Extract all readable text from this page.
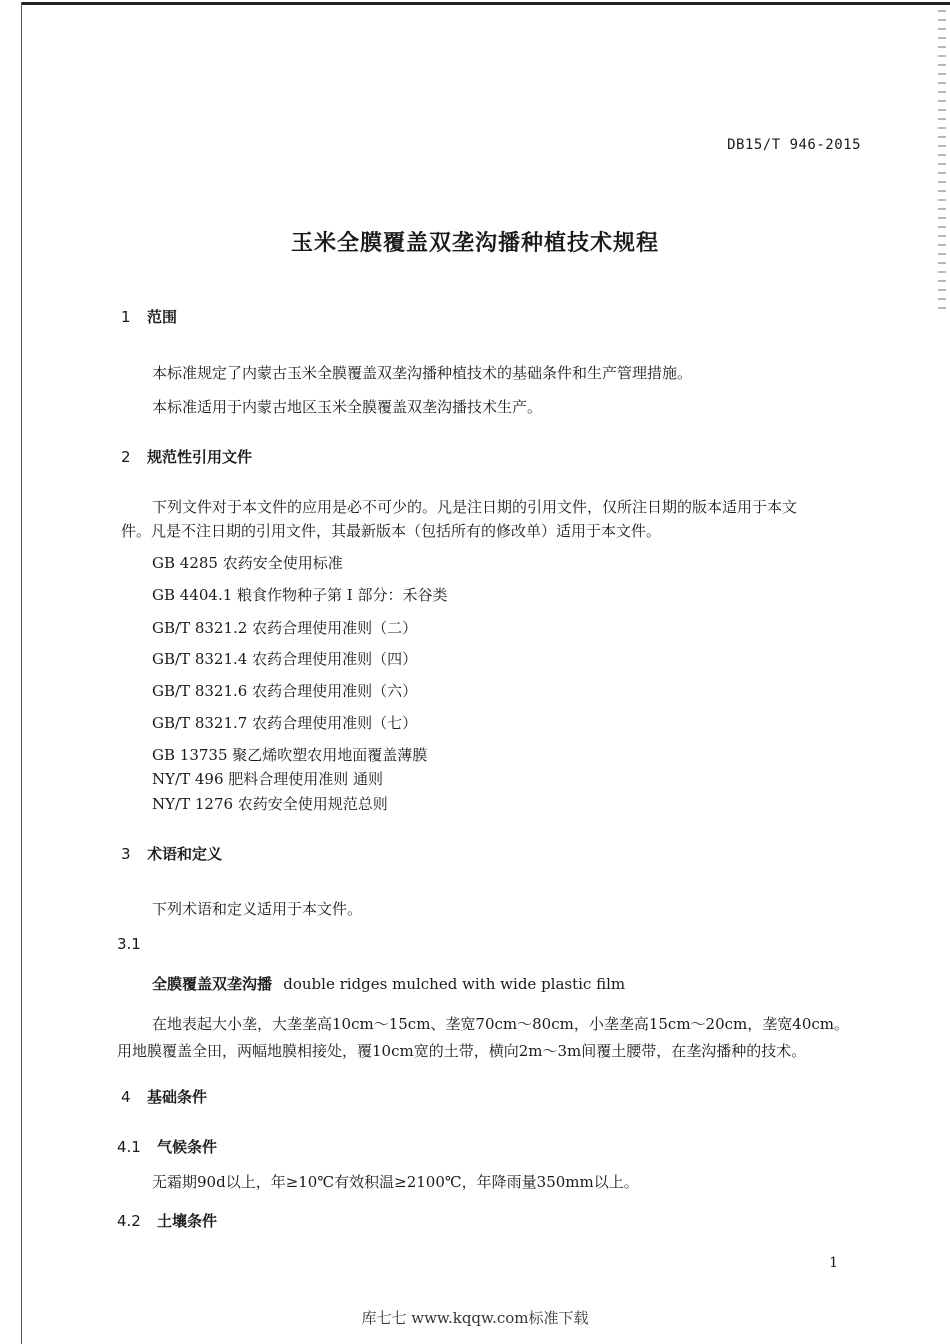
DB15/T 946-2015
玉米全膜覆盖双垄沟播种植技术规程
1 范围
本标准规定了内蒙古玉米全膜覆盖双垄沟播种植技术的基础条件和生产管理措施。
本标准适用于内蒙古地区玉米全膜覆盖双垄沟播技术生产。
2 规范性引用文件
下列文件对于本文件的应用是必不可少的。凡是注日期的引用文件，仅所注日期的版本适用于本文
件。凡是不注日期的引用文件，其最新版本（包括所有的修改单）适用于本文件。
GB 4285 农药安全使用标准
GB 4404.1 粮食作物种子第 I 部分：禾谷类
GB/T 8321.2 农药合理使用准则（二）
GB/T 8321.4 农药合理使用准则（四）
GB/T 8321.6 农药合理使用准则（六）
GB/T 8321.7 农药合理使用准则（七）
GB 13735 聚乙烯吹塑农用地面覆盖薄膜
NY/T 496 肥料合理使用准则 通则
NY/T 1276 农药安全使用规范总则
3 术语和定义
下列术语和定义适用于本文件。
3.1
全膜覆盖双垄沟播 double ridges mulched with wide plastic film
在地表起大小垄，大垄垄高10cm～15cm、垄宽70cm～80cm，小垄垄高15cm～20cm，垄宽40cm。
用地膜覆盖全田，两幅地膜相接处，覆10cm宽的土带，横向2m～3m间覆土腰带，在垄沟播种的技术。
4 基础条件
4.1 气候条件
无霜期90d以上，年≥10℃有效积温≥2100℃，年降雨量350mm以上。
4.2 土壤条件
1
库七七 www.kqqw.com标准下载
